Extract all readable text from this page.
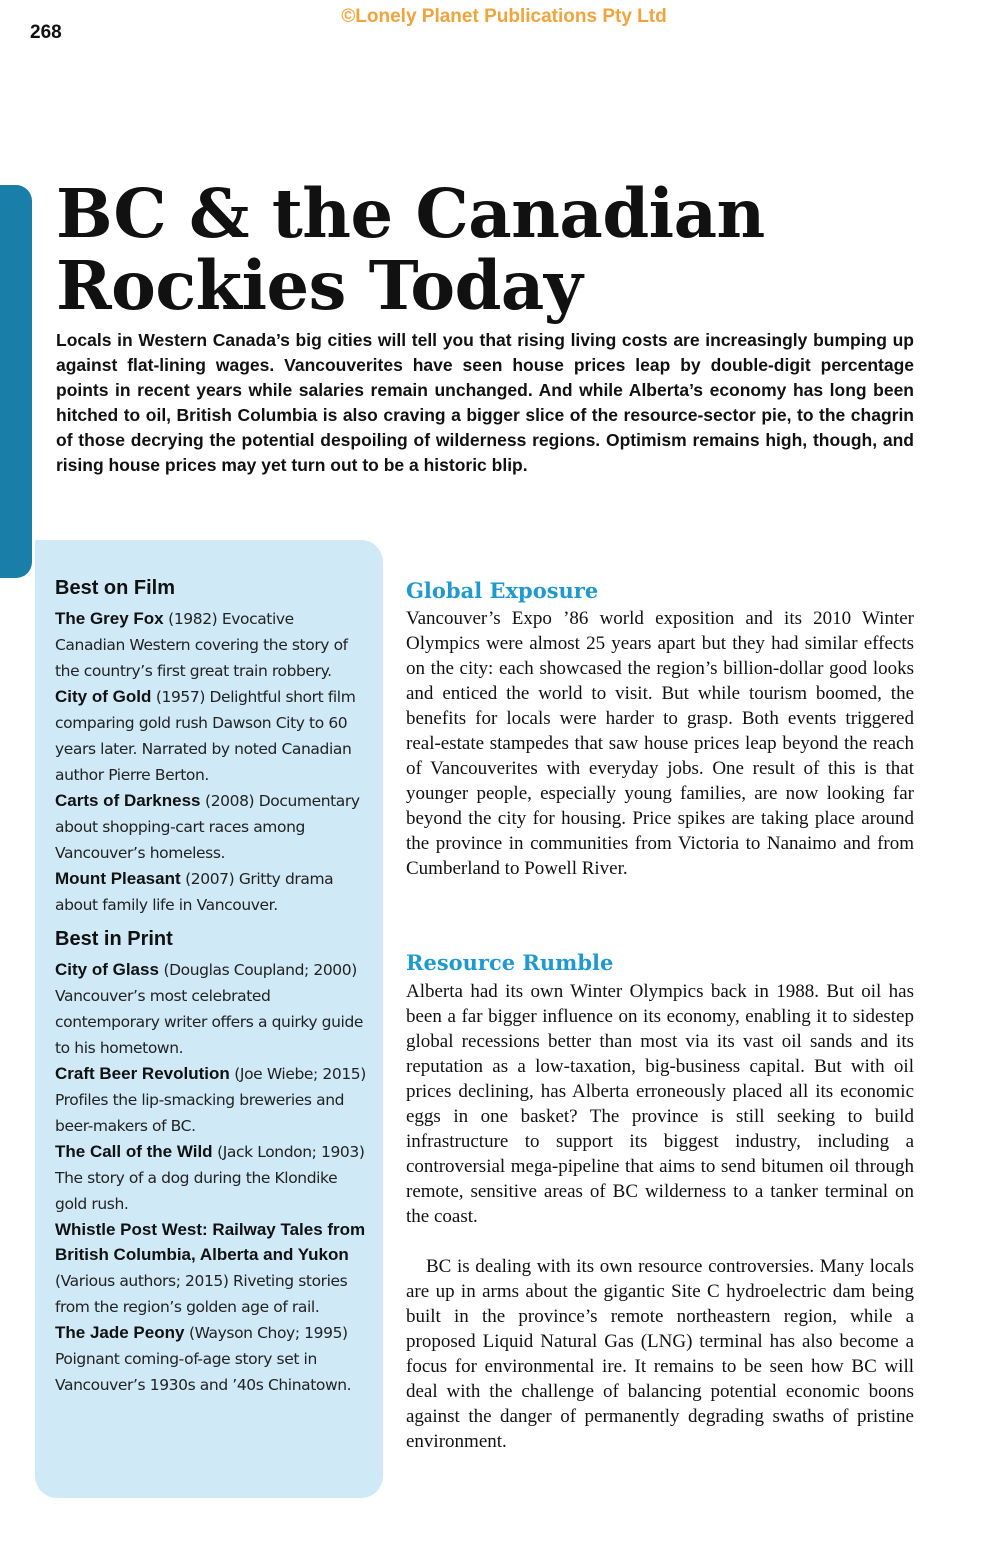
©Lonely Planet Publications Pty Ltd
268
BC & the Canadian
Rockies Today

Locals in Western Canada’s big cities will tell you that rising living costs are increasingly bumping up against flat-lining wages. Vancouverites have seen house prices leap by double-digit percentage points in recent years while salaries remain unchanged. And while Alberta’s economy has long been hitched to oil, British Columbia is also craving a bigger slice of the resource-sector pie, to the chagrin of those decrying the potential despoiling of wilderness regions. Optimism remains high, though, and rising house prices may yet turn out to be a historic blip.

Best on Film
The Grey Fox (1982) Evocative Canadian Western covering the story of the country’s first great train robbery.
City of Gold (1957) Delightful short film comparing gold rush Dawson City to 60 years later. Narrated by noted Canadian author Pierre Berton.
Carts of Darkness (2008) Documentary about shopping-cart races among Vancouver’s homeless.
Mount Pleasant (2007) Gritty drama about family life in Vancouver.
Best in Print
City of Glass (Douglas Coupland; 2000) Vancouver’s most celebrated contemporary writer offers a quirky guide to his hometown.
Craft Beer Revolution (Joe Wiebe; 2015) Profiles the lip-smacking breweries and beer-makers of BC.
The Call of the Wild (Jack London; 1903) The story of a dog during the Klondike gold rush.
Whistle Post West: Railway Tales from British Columbia, Alberta and Yukon (Various authors; 2015) Riveting stories from the region’s golden age of rail.
The Jade Peony (Wayson Choy; 1995) Poignant coming-of-age story set in Vancouver’s 1930s and ’40s Chinatown.
Global Exposure

Vancouver’s Expo ’86 world exposition and its 2010 Winter Olympics were almost 25 years apart but they had similar effects on the city: each showcased the region’s billion-dollar good looks and enticed the world to visit. But while tourism boomed, the benefits for locals were harder to grasp. Both events triggered real-estate stampedes that saw house prices leap beyond the reach of Vancouverites with everyday jobs. One result of this is that younger people, especially young families, are now looking far beyond the city for housing. Price spikes are taking place around the province in communities from Victoria to Nanaimo and from Cumberland to Powell River.

Resource Rumble

Alberta had its own Winter Olympics back in 1988. But oil has been a far bigger influence on its economy, enabling it to sidestep global recessions better than most via its vast oil sands and its reputation as a low-taxation, big-business capital. But with oil prices declining, has Alberta erroneously placed all its economic eggs in one basket? The province is still seeking to build infrastructure to support its biggest industry, including a controversial mega-pipeline that aims to send bitumen oil through remote, sensitive areas of BC wilderness to a tanker terminal on the coast.

BC is dealing with its own resource controversies. Many locals are up in arms about the gigantic Site C hydroelectric dam being built in the province’s remote northeastern region, while a proposed Liquid Natural Gas (LNG) terminal has also become a focus for environmental ire. It remains to be seen how BC will deal with the challenge of balancing potential economic boons against the danger of permanently degrading swaths of pristine environment.
